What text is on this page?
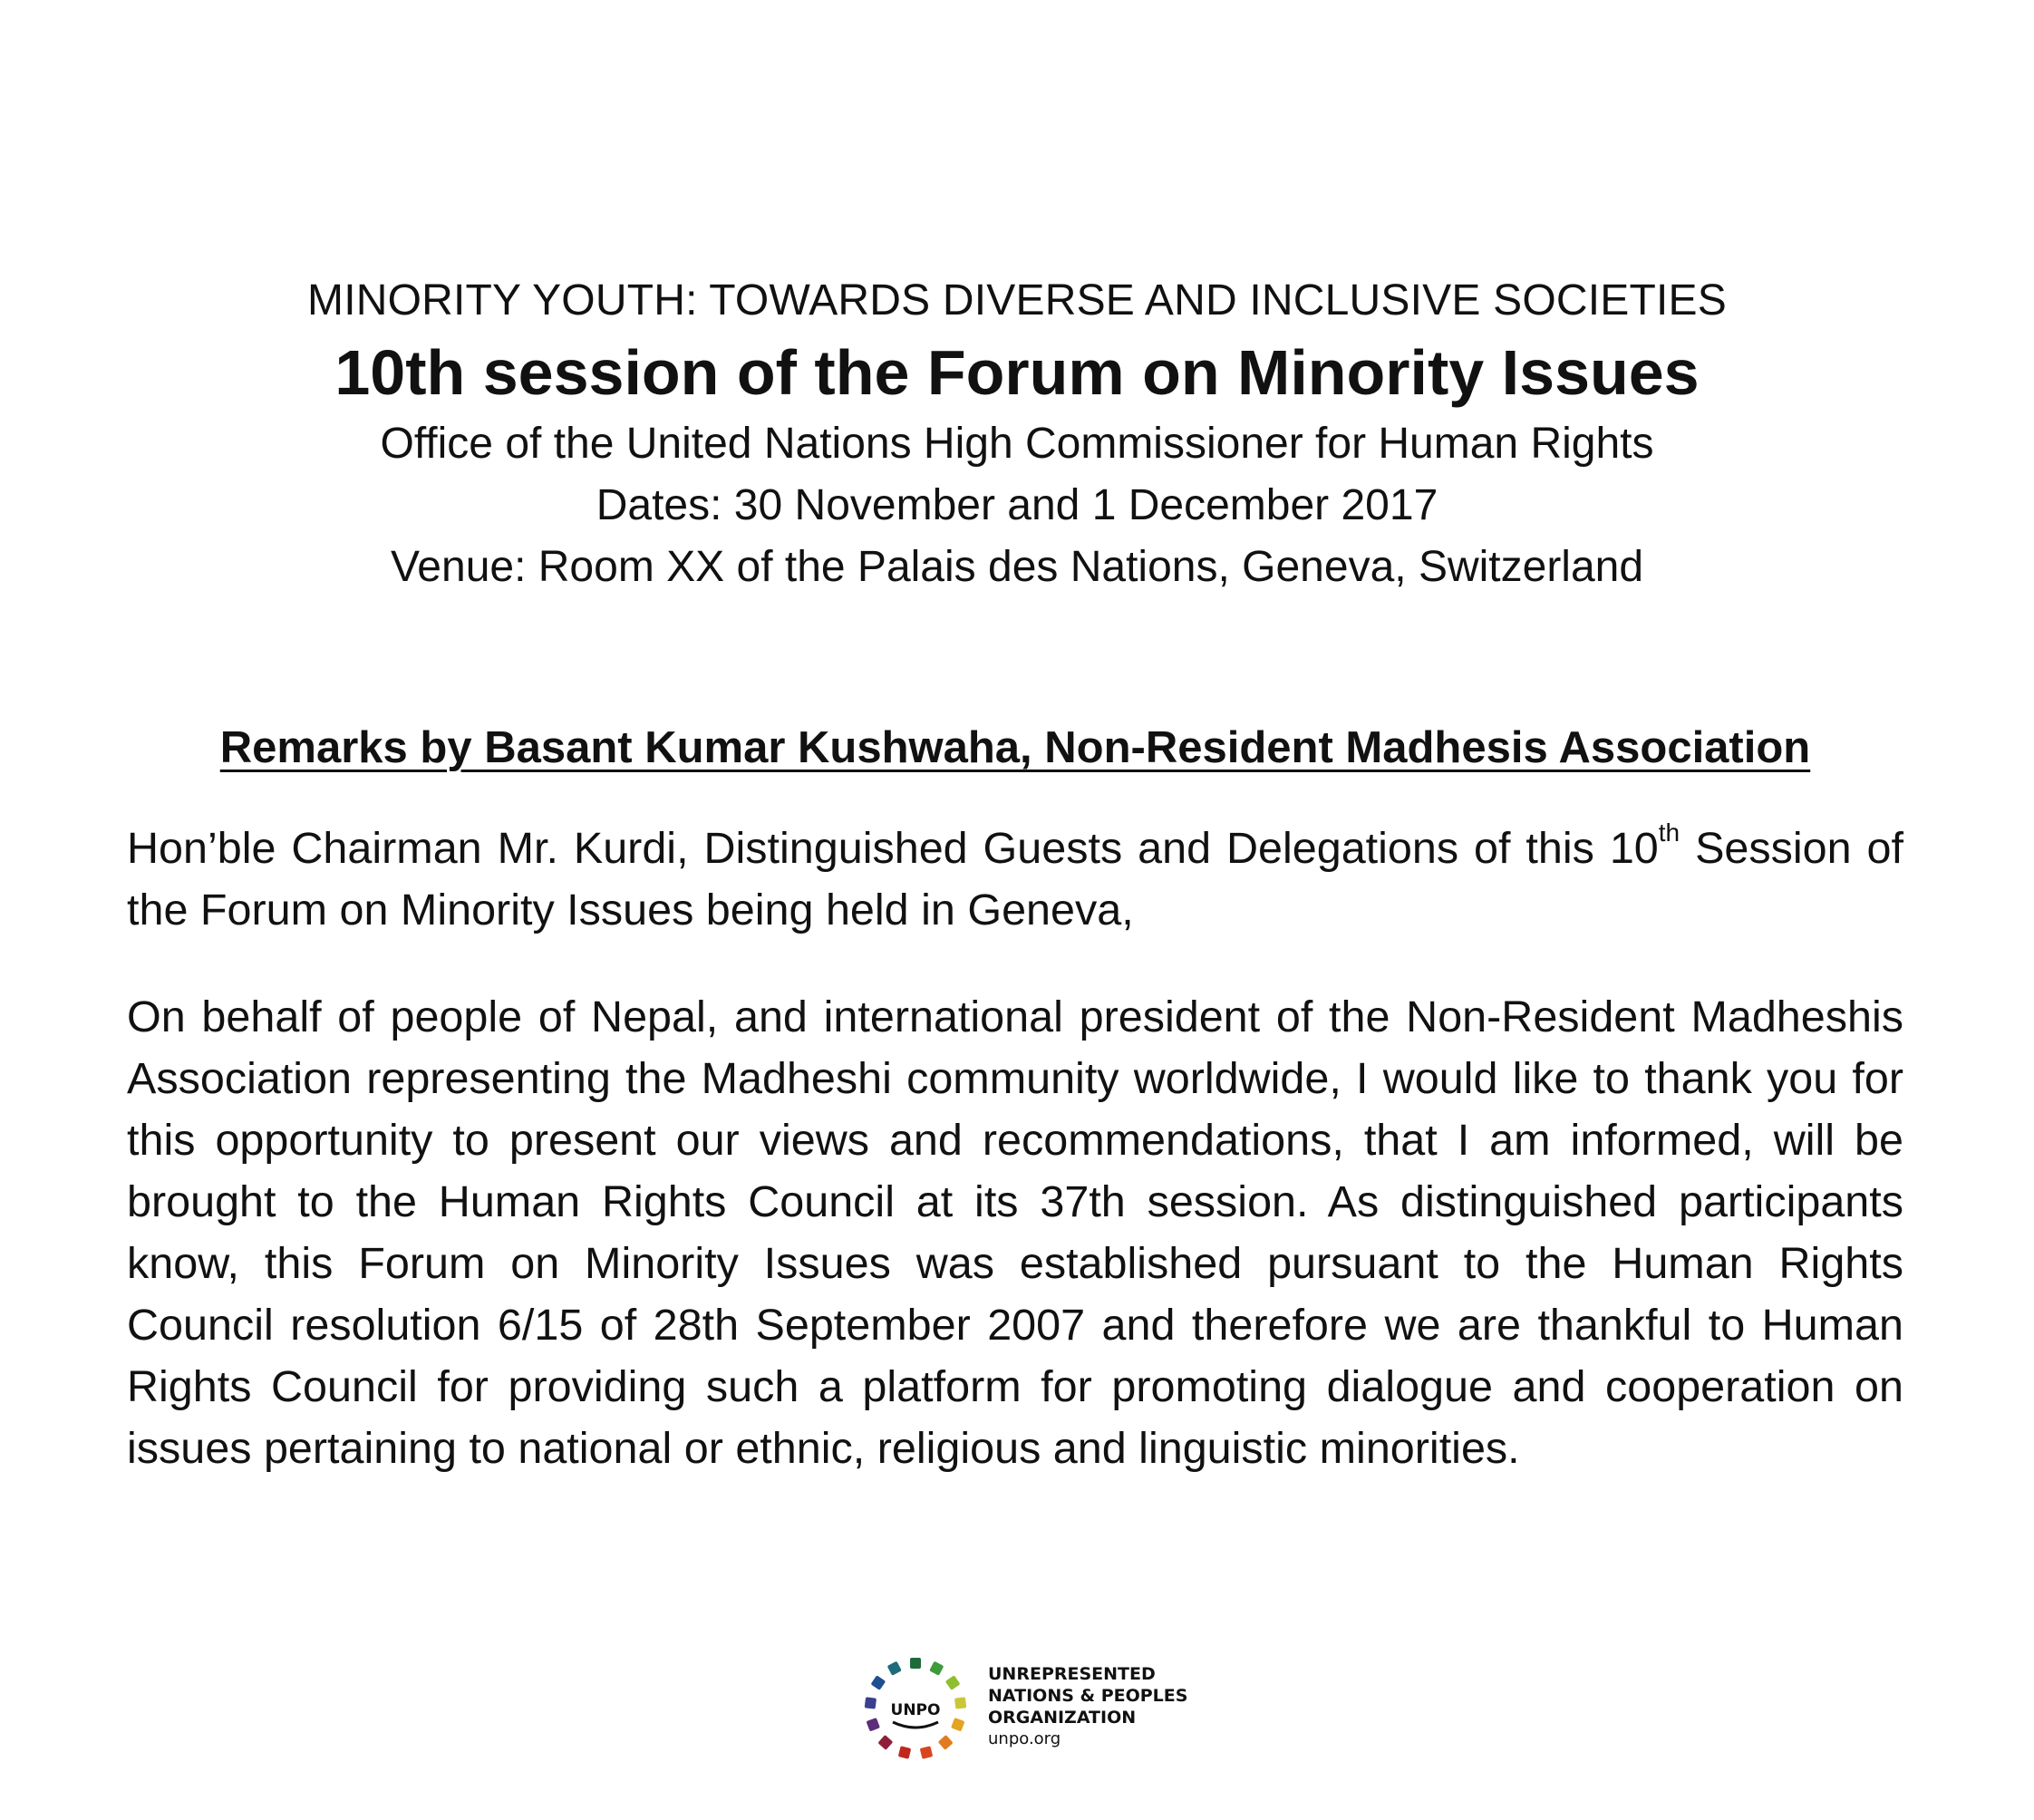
MINORITY YOUTH: TOWARDS DIVERSE AND INCLUSIVE SOCIETIES
10th session of the Forum on Minority Issues
Office of the United Nations High Commissioner for Human Rights
Dates: 30 November and 1 December 2017
Venue: Room XX of the Palais des Nations, Geneva, Switzerland
Remarks by Basant Kumar Kushwaha, Non-Resident Madhesis Association
Hon’ble Chairman Mr. Kurdi, Distinguished Guests and Delegations of this 10th Session of the Forum on Minority Issues being held in Geneva,
On behalf of people of Nepal, and international president of the Non-Resident Madheshis Association representing the Madheshi community worldwide, I would like to thank you for this opportunity to present our views and recommendations, that I am informed, will be brought to the Human Rights Council at its 37th session. As distinguished participants know, this Forum on Minority Issues was established pursuant to the Human Rights Council resolution 6/15 of 28th September 2007 and therefore we are thankful to Human Rights Council for providing such a platform for promoting dialogue and cooperation on issues pertaining to national or ethnic, religious and linguistic minorities.
UNPO
UNREPRESENTED
NATIONS & PEOPLES
ORGANIZATION
unpo.org
